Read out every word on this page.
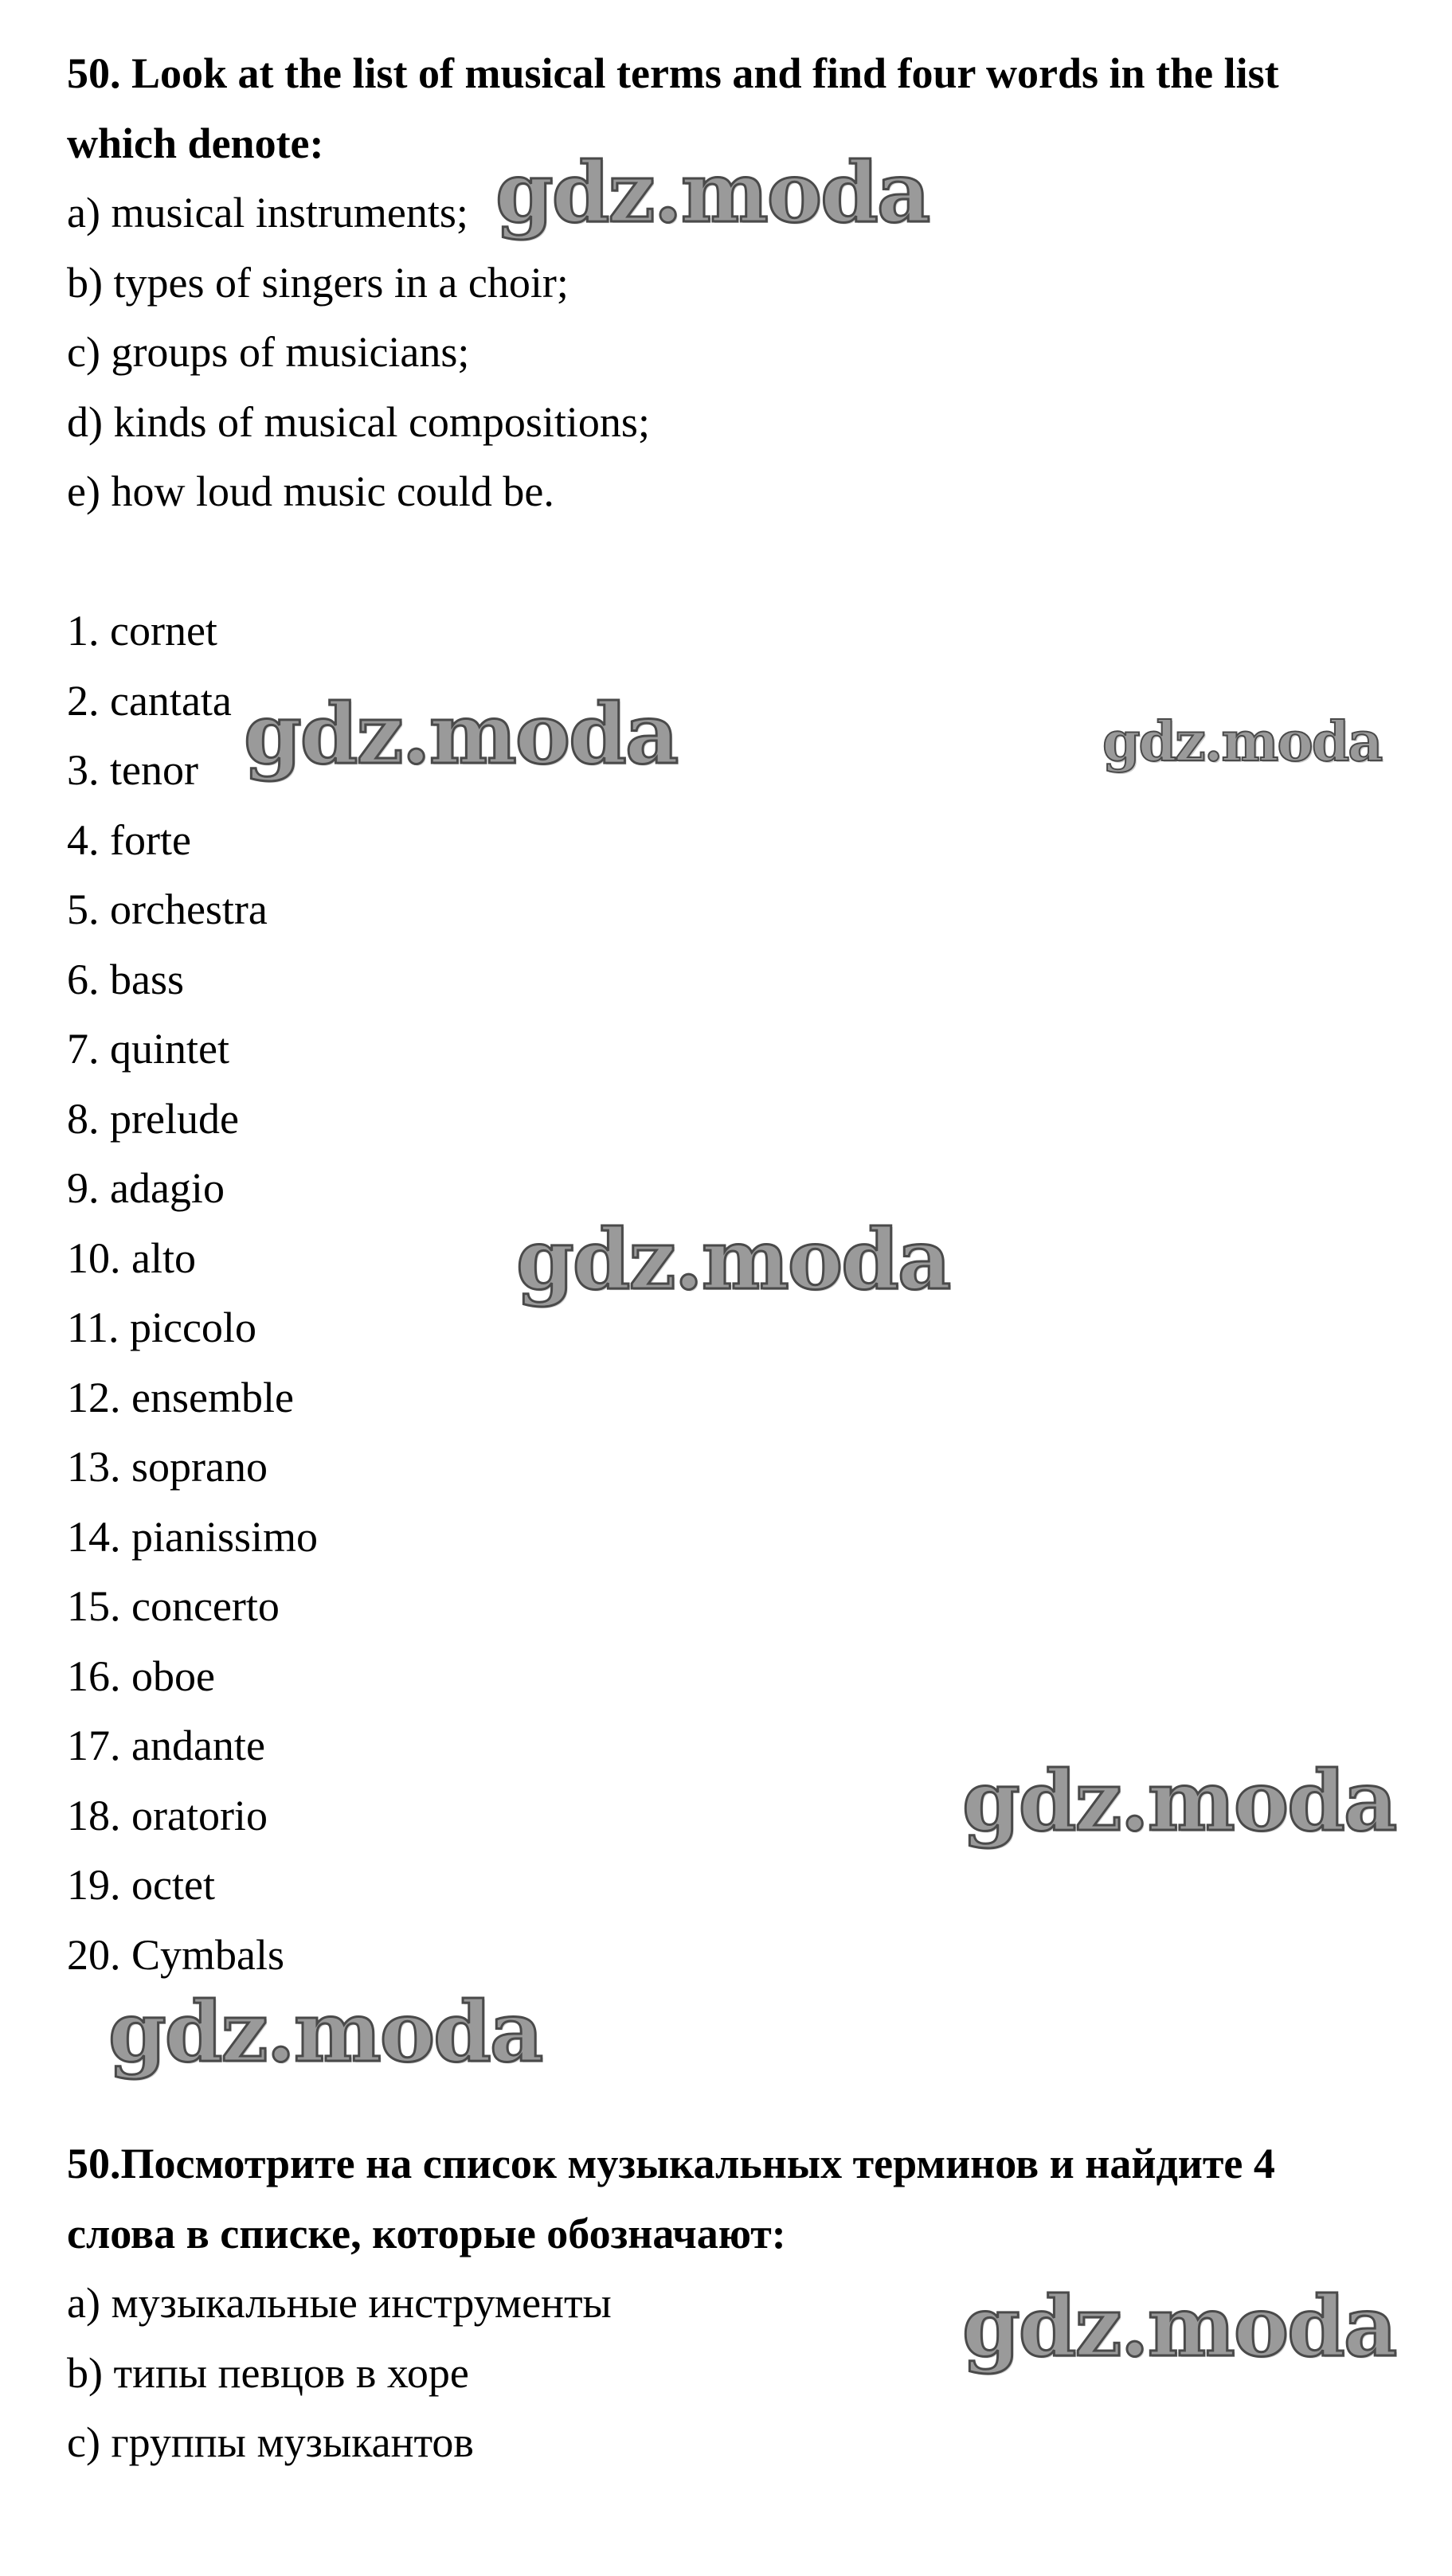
50. Look at the list of musical terms and find four words in the list
which denote:
a) musical instruments;
b) types of singers in a choir;
c) groups of musicians;
d) kinds of musical compositions;
e) how loud music could be.
1. cornet
2. cantata
3. tenor
4. forte
5. orchestra
6. bass
7. quintet
8. prelude
9. adagio
10. alto
11. piccolo
12. ensemble
13. soprano
14. pianissimo
15. concerto
16. oboe
17. andante
18. oratorio
19. octet
20. Cymbals
50.Посмотрите на список музыкальных терминов и найдите 4
слова в списке, которые обозначают:
a) музыкальные инструменты
b) типы певцов в хоре
c) группы музыкантов
gdz.moda
gdz.moda	gdz.moda
gdz.moda
gdz.moda
gdz.moda
gdz.moda
